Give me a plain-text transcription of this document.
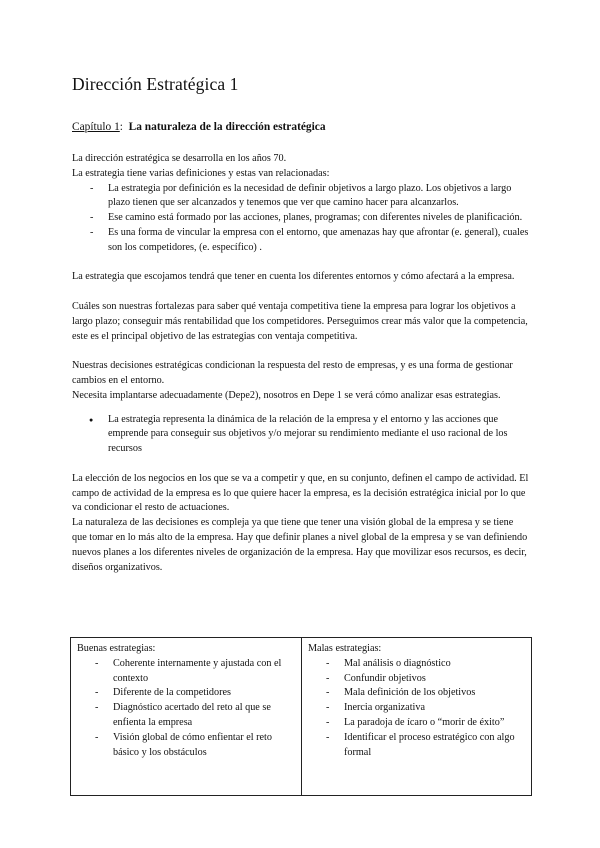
Dirección Estratégica 1

Capítulo 1: La naturaleza de la dirección estratégica

La dirección estratégica se desarrolla en los años 70.

La estrategia tiene varias definiciones y estas van relacionadas:

- La estrategia por definición es la necesidad de definir objetivos a largo plazo. Los objetivos a largo plazo tienen que ser alcanzados y tenemos que ver que camino hacer para alcanzarlos.
- Ese camino está formado por las acciones, planes, programas; con diferentes niveles de planificación.
- Es una forma de vincular la empresa con el entorno, que amenazas hay que afrontar (e. general), cuales son los competidores, (e. específico) .

La estrategia que escojamos tendrá que tener en cuenta los diferentes entornos y cómo afectará a la empresa.

Cuáles son nuestras fortalezas para saber qué ventaja competitiva tiene la empresa para lograr los objetivos a largo plazo; conseguir más rentabilidad que los competidores. Perseguimos crear más valor que la competencia, este es el principal objetivo de las estrategias con ventaja competitiva.

Nuestras decisiones estratégicas condicionan la respuesta del resto de empresas, y es una forma de gestionar cambios en el entorno.

Necesita implantarse adecuadamente (Depe2), nosotros en Depe 1 se verá cómo analizar esas estrategias.

● La estrategia representa la dinámica de la relación de la empresa y el entorno y las acciones que emprende para conseguir sus objetivos y/o mejorar su rendimiento mediante el uso racional de los recursos

La elección de los negocios en los que se va a competir y que, en su conjunto, definen el campo de actividad. El campo de actividad de la empresa es lo que quiere hacer la empresa, es la decisión estratégica inicial por lo que va condicionar el resto de actuaciones.

La naturaleza de las decisiones es compleja ya que tiene que tener una visión global de la empresa y se tiene que tomar en lo más alto de la empresa. Hay que definir planes a nivel global de la empresa y se van definiendo nuevos planes a los diferentes niveles de organización de la empresa. Hay que movilizar esos recursos, es decir, diseños organizativos.

Buenas estrategias:

- Coherente internamente y ajustada con el contexto
- Diferente de la competidores
- Diagnóstico acertado del reto al que se enfienta la empresa
- Visión global de cómo enfientar el reto básico y los obstáculos

Malas estrategias:

- Mal análisis o diagnóstico
- Confundir objetivos
- Mala definición de los objetivos
- Inercia organizativa
- La paradoja de ícaro o “morir de éxito”
- Identificar el proceso estratégico con algo formal
